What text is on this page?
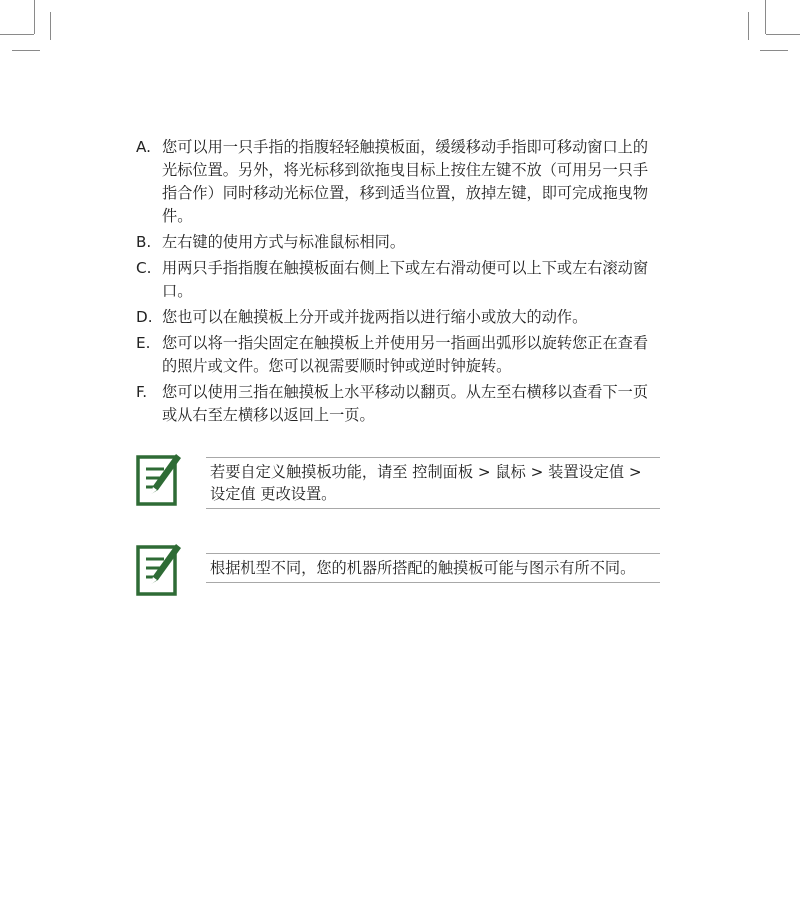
A. 您可以用一只手指的指腹轻轻触摸板面，缓缓移动手指即可移动窗口上的光标位置。另外，将光标移到欲拖曳目标上按住左键不放（可用另一只手指合作）同时移动光标位置，移到适当位置，放掉左键，即可完成拖曳物件。
B. 左右键的使用方式与标准鼠标相同。
C. 用两只手指指腹在触摸板面右侧上下或左右滑动便可以上下或左右滚动窗口。
D. 您也可以在触摸板上分开或并拢两指以进行缩小或放大的动作。
E. 您可以将一指尖固定在触摸板上并使用另一指画出弧形以旋转您正在查看的照片或文件。您可以视需要顺时钟或逆时钟旋转。
F. 您可以使用三指在触摸板上水平移动以翻页。从左至右横移以查看下一页或从右至左横移以返回上一页。
若要自定义触摸板功能，请至 控制面板 > 鼠标 > 装置设定值 > 设定值 更改设置。
根据机型不同，您的机器所搭配的触摸板可能与图示有所不同。
